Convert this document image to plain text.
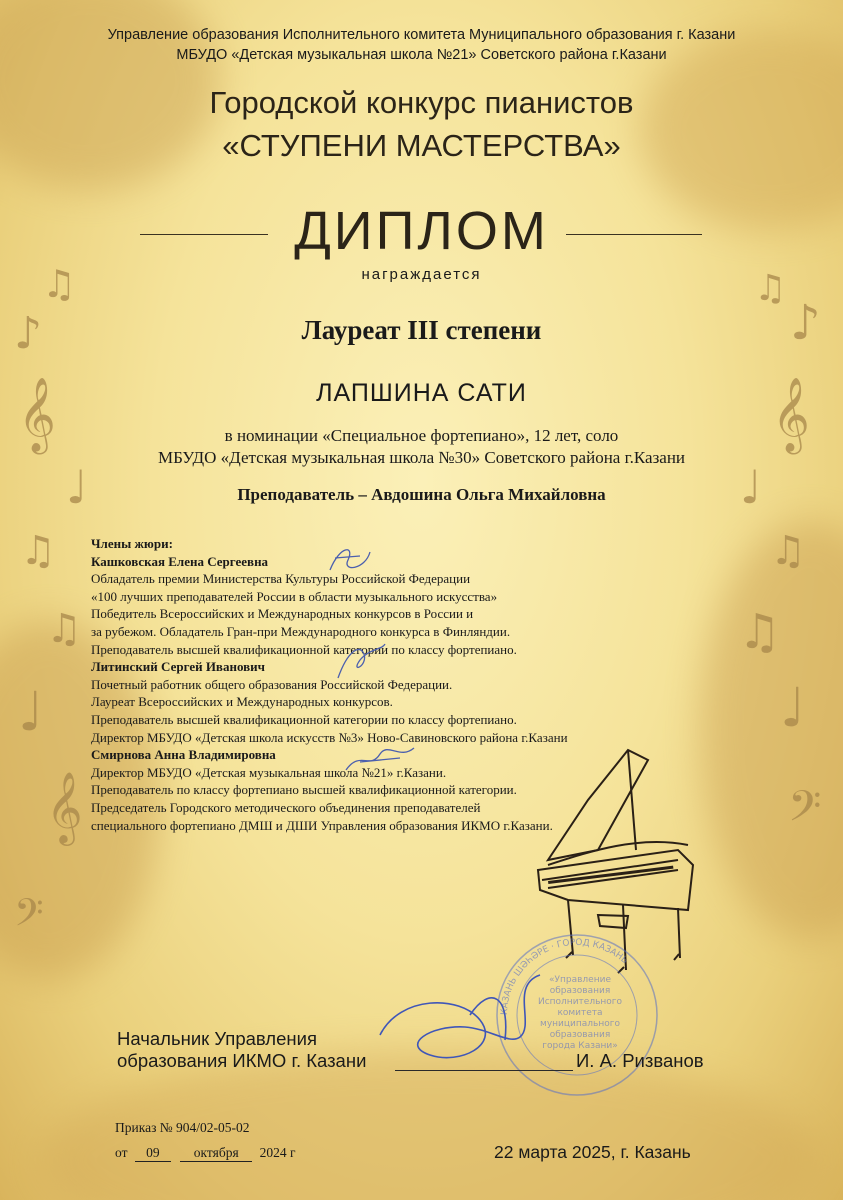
♫
♪
𝄞
♩
♫
♫
♩
𝄞
𝄢
♫
♪
𝄞
♩
♫
♫
♩
𝄢
Управление образования Исполнительного комитета Муниципального образования г. Казани
МБУДО «Детская музыкальная школа №21» Советского района г.Казани
Городской конкурс пианистов
«СТУПЕНИ МАСТЕРСТВА»
ДИПЛОМ
награждается
Лауреат III степени
ЛАПШИНА САТИ
в номинации «Специальное фортепиано», 12 лет, соло
МБУДО «Детская музыкальная школа №30» Советского района г.Казани
Преподаватель – Авдошина Ольга Михайловна
Члены жюри:
Кашковская Елена Сергеевна
Обладатель премии Министерства Культуры Российской Федерации
«100 лучших преподавателей России в области музыкального искусства»
Победитель Всероссийских и Международных конкурсов в России и
за рубежом. Обладатель Гран-при Международного конкурса в Финляндии.
Преподаватель высшей квалификационной категории по классу фортепиано.
Литинский Сергей Иванович
Почетный работник общего образования Российской Федерации.
Лауреат Всероссийских и Международных конкурсов.
Преподаватель высшей квалификационной категории по классу фортепиано.
Директор МБУДО «Детская школа искусств №3» Ново-Савиновского района г.Казани
Смирнова Анна Владимировна
Директор МБУДО «Детская музыкальная школа №21» г.Казани.
Преподаватель по классу фортепиано высшей квалификационной категории.
Председатель Городского методического объединения преподавателей
специального фортепиано ДМШ и ДШИ Управления образования ИКМО г.Казани.
КАЗАНЬ ШӘҺӘРЕ · ГОРОД КАЗАНЬ
«Управление
образования
Исполнительного
комитета
муниципального
образования
города Казани»
Начальник Управления
образования ИКМО г. Казани	И. А. Ризванов
Приказ № 904/02-05-02
от 09	октября 2024 г	22 марта 2025, г. Казань
